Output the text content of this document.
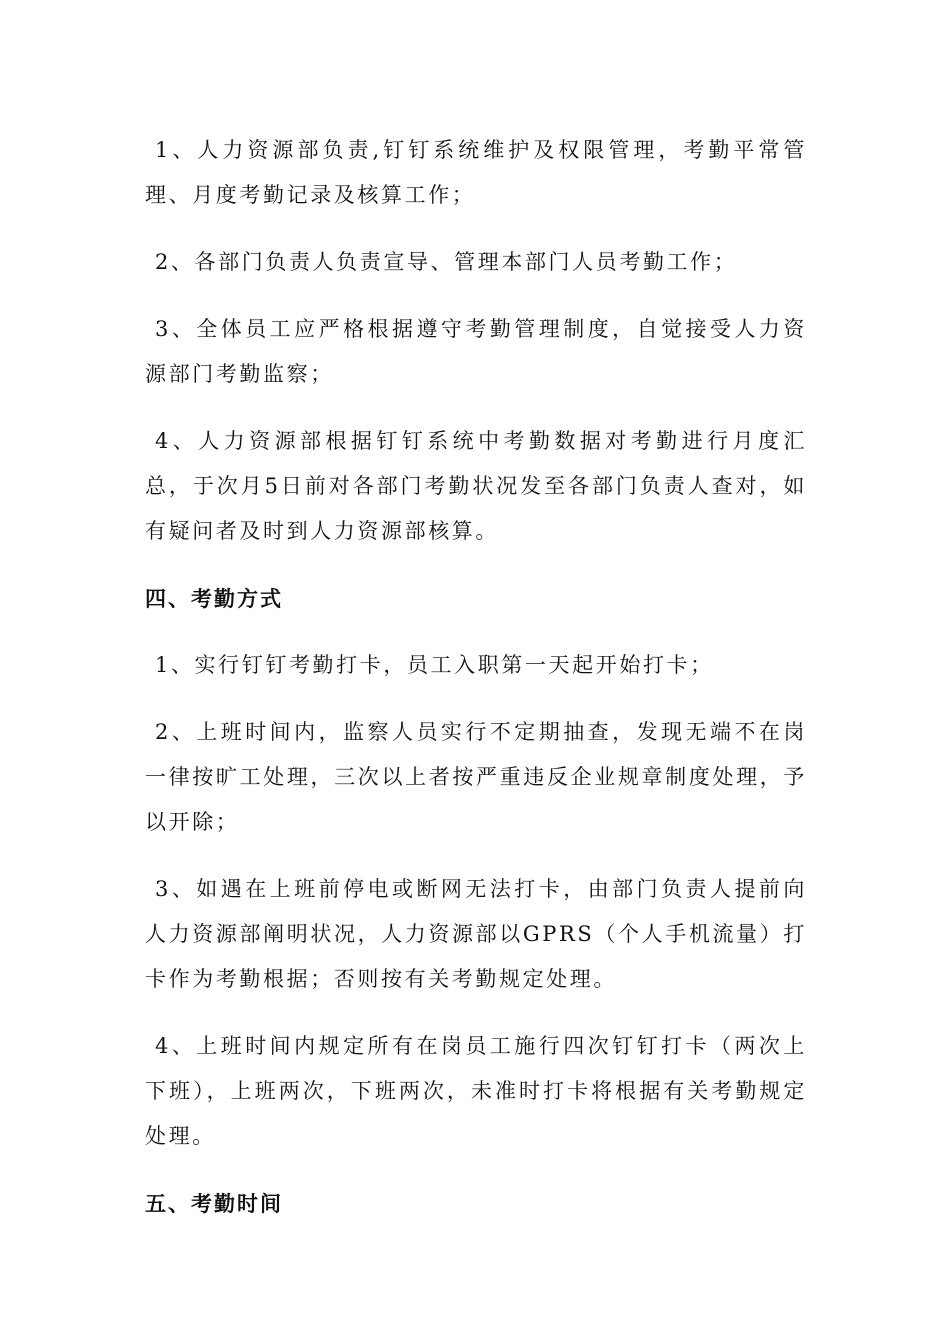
1、人力资源部负责,钉钉系统维护及权限管理，考勤平常管理、月度考勤记录及核算工作；

2、各部门负责人负责宣导、管理本部门人员考勤工作；

3、全体员工应严格根据遵守考勤管理制度，自觉接受人力资源部门考勤监察；

4、人力资源部根据钉钉系统中考勤数据对考勤进行月度汇总，于次月5日前对各部门考勤状况发至各部门负责人查对，如有疑问者及时到人力资源部核算。

四、考勤方式

1、实行钉钉考勤打卡，员工入职第一天起开始打卡；

2、上班时间内，监察人员实行不定期抽查，发现无端不在岗一律按旷工处理，三次以上者按严重违反企业规章制度处理，予以开除；

3、如遇在上班前停电或断网无法打卡，由部门负责人提前向人力资源部阐明状况，人力资源部以GPRS（个人手机流量）打卡作为考勤根据；否则按有关考勤规定处理。

4、上班时间内规定所有在岗员工施行四次钉钉打卡（两次上下班），上班两次，下班两次，未准时打卡将根据有关考勤规定处理。

五、考勤时间
